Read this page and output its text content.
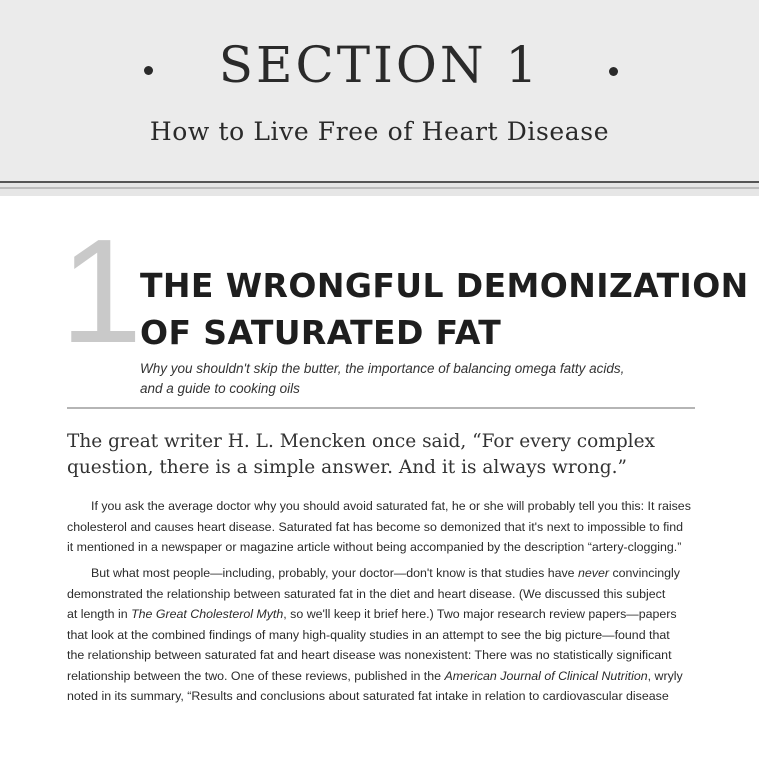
SECTION 1
How to Live Free of Heart Disease
1
THE WRONGFUL DEMONIZATION
OF SATURATED FAT

Why you shouldn't skip the butter, the importance of balancing omega fatty acids,
and a guide to cooking oils

The great writer H. L. Mencken once said, “For every complex
question, there is a simple answer. And it is always wrong.”

If you ask the average doctor why you should avoid saturated fat, he or she will probably tell you this: It raises
cholesterol and causes heart disease. Saturated fat has become so demonized that it's next to impossible to find
it mentioned in a newspaper or magazine article without being accompanied by the description “artery-clogging.”

But what most people—including, probably, your doctor—don't know is that studies have never convincingly
demonstrated the relationship between saturated fat in the diet and heart disease. (We discussed this subject
at length in The Great Cholesterol Myth, so we'll keep it brief here.) Two major research review papers—papers
that look at the combined findings of many high-quality studies in an attempt to see the big picture—found that
the relationship between saturated fat and heart disease was nonexistent: There was no statistically significant
relationship between the two. One of these reviews, published in the American Journal of Clinical Nutrition, wryly
noted in its summary, “Results and conclusions about saturated fat intake in relation to cardiovascular disease
